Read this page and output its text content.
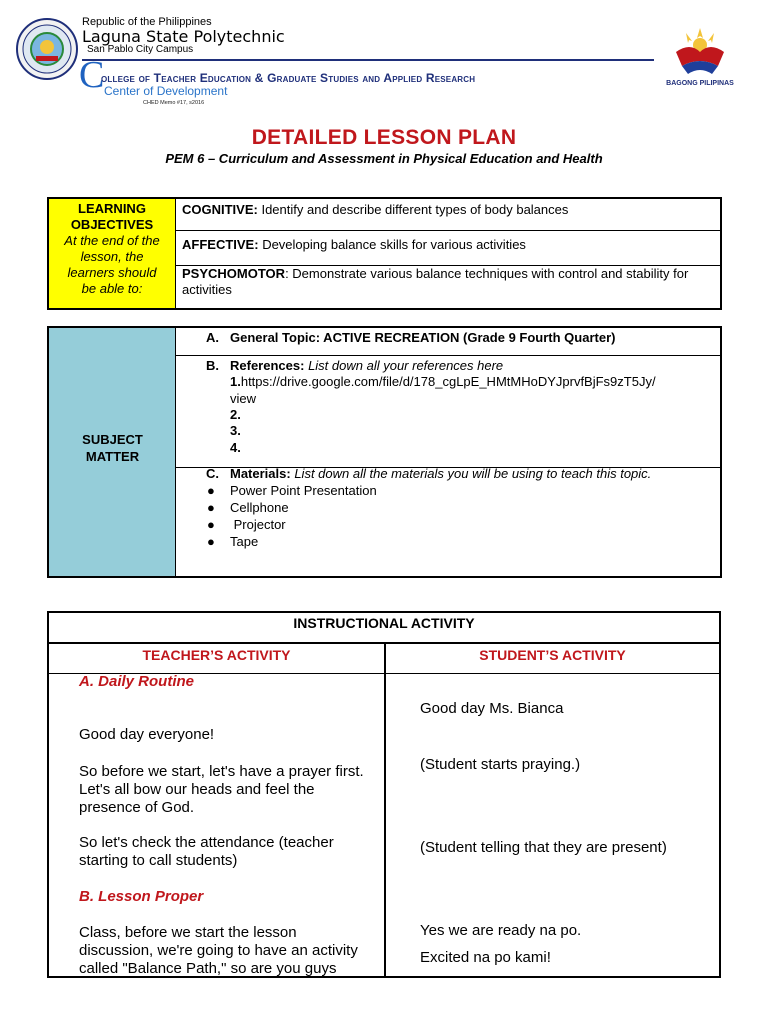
Republic of the Philippines
Laguna State Polytechnic
San Pablo City Campus
C
ollege of Teacher Education & Graduate Studies and Applied Research
Center of Development
CHED Memo #17, s2016
BAGONG PILIPINAS
DETAILED LESSON PLAN
PEM 6 – Curriculum and Assessment in Physical Education and Health
LEARNING
OBJECTIVES
At the end of the
lesson, the
learners should
be able to:
COGNITIVE: Identify and describe different types of body balances
AFFECTIVE: Developing balance skills for various activities
PSYCHOMOTOR: Demonstrate various balance techniques with control and stability for activities
SUBJECT
MATTER
A. General Topic: ACTIVE RECREATION (Grade 9 Fourth Quarter)
B. References: List down all your references here
1.https://drive.google.com/file/d/178_cgLpE_HMtMHoDYJprvfBjFs9zT5Jy/
view
2.
3.
4.
C. Materials: List down all the materials you will be using to teach this topic.
● Power Point Presentation
● Cellphone
● Projector
● Tape
INSTRUCTIONAL ACTIVITY
TEACHER’S ACTIVITY	STUDENT’S ACTIVITY
A. Daily Routine
Good day everyone!
So before we start, let's have a prayer first.
Let's all bow our heads and feel the
presence of God.
So let's check the attendance (teacher
starting to call students)
B. Lesson Proper
Class, before we start the lesson
discussion, we're going to have an activity
called "Balance Path," so are you guys
Good day Ms. Bianca
(Student starts praying.)
(Student telling that they are present)
Yes we are ready na po.
Excited na po kami!
